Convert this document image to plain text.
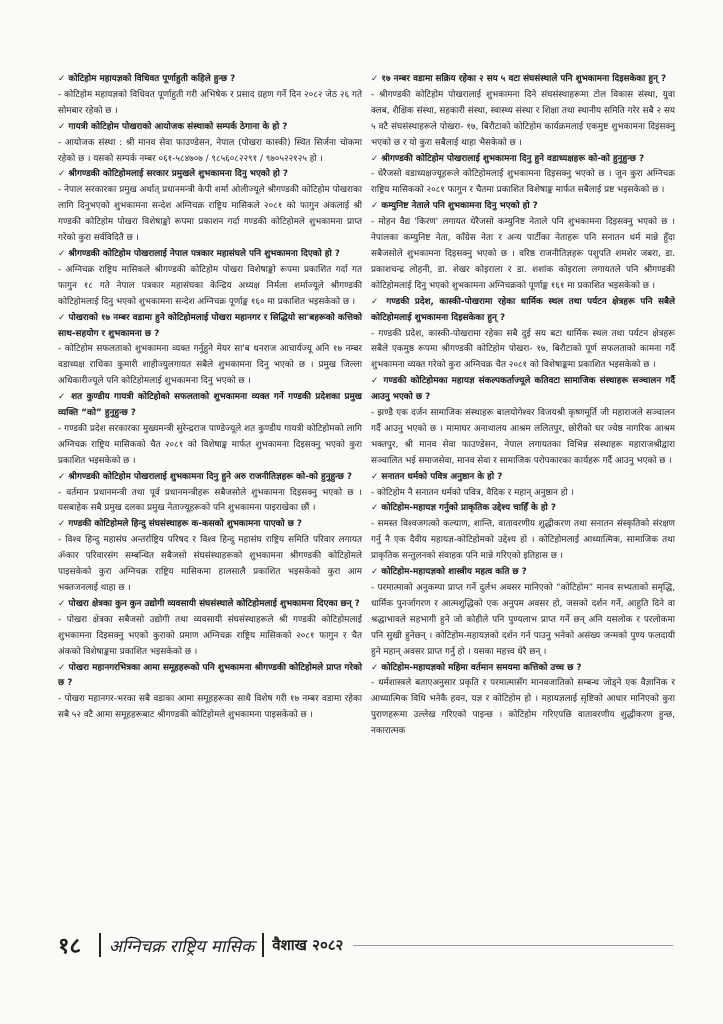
✓ कोटिहोम महायज्ञको विधिवत पूर्णाहुती कहिले हुन्छ ?

- कोटिहोम महायज्ञको विधिवत पूर्णाहुती गरी अभिषेक र प्रसाद ग्रहण गर्ने दिन २०८२ जेठ २६ गते सोमबार रहेको छ ।

✓ गायत्री कोटिहोम पोखराको आयोजक संस्थाको सम्पर्क ठेगाना के हो ?

- आयोजक संस्था : श्री मानव सेवा फाउण्डेसन, नेपाल (पोखरा कास्की) स्थित सिर्जना चोकमा रहेको छ । यसको सम्पर्क नम्बर ०६१-५८४७०७ / ९८५६०८२२९१ / ९७०५२२१२५ हो ।

✓ श्रीगण्डकी कोटिहोमलाई सरकार प्रमुखले शुभकामना दिनु भएको हो ?

- नेपाल सरकारका प्रमुख अर्थात् प्रधानमन्त्री केपी शर्मा ओलीज्यूले श्रीगण्डकी कोटिहोम पोखराका लागि दिनुभएको शुभकामना सन्देश अग्निचक्र राष्ट्रिय मासिकले २०८१ को फागुन अंकलाई श्री गण्डकी कोटिहोम पोखरा विशेषाङ्को रूपमा प्रकाशन गर्दा गण्डकी कोटिहोमले शुभकामना प्राप्त गरेको कुरा सर्वविदितै छ ।

✓ श्रीगण्डकी कोटिहोम पोखरालाई नेपाल पत्रकार महासंघले पनि शुभकामना दिएको हो ?

- अग्निचक्र राष्ट्रिय मासिकले श्रीगण्डकी कोटिहोम पोखरा विशेषाङ्को रूपमा प्रकाशित गर्दा गत फागुन १८ गते नेपाल पत्रकार महासंघका केन्द्रिय अध्यक्ष निर्मला शर्माज्यूले श्रीगण्डकी कोटिहोमलाई दिनु भएको शुभकामना सन्देश अग्निचक्र पूर्णाङ्क १६० मा प्रकाशित भइसकेको छ ।

✓ पोखराको १७ नम्बर वडामा हुने कोटिहोमलाई पोखरा महानगर र सिद्धियो सा'बहरूको कत्तिको साथ-सहयोग र शुभकामना छ ?

- कोटिहोम सफलताको शुभकामना व्यक्त गर्नुहुने मेयर सा'ब धनराज आचार्यज्यू अनि १७ नम्बर वडाध्यक्ष राधिका कुमारी शाहीज्युलगायत सबैले शुभकामना दिनु भएको छ । प्रमुख जिल्ला अधिकारीज्यूले पनि कोटिहोमलाई शुभकामना दिनु भएको छ ।

✓ शत कुण्डीय गायत्री कोटिहोको सफलताको शुभकामना व्यक्त गर्ने गण्डकी प्रदेशका प्रमुख व्यक्ति “को” हुनुहुन्छ ?

- गण्डकी प्रदेश सरकारका मुख्यमन्त्री सुरेन्द्रराज पाण्डेज्यूले शत कुण्डीय गायत्री कोटिहोमको लागि अग्निचक्र राष्ट्रिय मासिकको चैत २०८१ को विशेषाङ्क मार्फत शुभकामना दिइसक्नु भएको कुरा प्रकाशित भइसकेको छ ।

✓ श्रीगण्डकी कोटिहोम पोखरालाई शुभकामना दिनु हुने अरु राजनीतिज्ञहरू को-को हुनुहुन्छ ?

- वर्तमान प्रधानमन्त्री तथा पूर्व प्रधानमन्त्रीहरू सबैजसोले शुभकामना दिइसक्नु भएको छ । यसबाहेक सबै प्रमुख दलका प्रमुख नेताज्यूहरूको पनि शुभकामना पाइराखेका छौं ।

✓ गण्डकी कोटिहोमले हिन्दु संघसंस्थाहरू क-कसको शुभकामना पाएको छ ?

- विश्व हिन्दु महासंघ अन्तर्राष्ट्रिय परिषद र विश्व हिन्दु महासंघ राष्ट्रिय समिति परिवार लगायत ॐकार परिवारसंग सम्बन्धित सबैजसो संघसंस्थाहरूको शुभकामना श्रीगण्डकी कोटिहोमले पाइसकेको कुरा अग्निचक्र राष्ट्रिय मासिकमा हालसालै प्रकाशित भइसकेको कुरा आम भक्तजनलाई थाहा छ ।

✓ पोखरा क्षेत्रका कुन कुन उद्योगी व्यवसायी संघसंस्थाले कोटिहोमलाई शुभकामना दिएका छन् ?

- पोखरा क्षेत्रका सबैजसो उद्योगी तथा व्यवसायी संघसंस्थाहरूले श्री गण्डकी कोटिहोमलाई शुभकामना दिइसक्नु भएको कुराको प्रमाण अग्निचक्र राष्ट्रिय मासिकको २०८१ फागुन र चैत अंकको विशेषाङ्कमा प्रकाशित भइसकेको छ ।

✓ पोखरा महानगरभित्रका आमा समूहहरूको पनि शुभकामना श्रीगण्डकी कोटिहोमले प्राप्त गरेको छ ?

- पोखरा महानगर-भरका सबै वडाका आमा समूहहरूका साथै विशेष गरी १७ नम्बर वडामा रहेका सबै ५२ वटै आमा समूहहरूबाट श्रीगण्डकी कोटिहोमले शुभकामना पाइसकेको छ ।

✓ १७ नम्बर वडामा सक्रिय रहेका २ सय ५ वटा संघसंस्थाले पनि शुभकामना दिइसकेका हुन् ?

- श्रीगण्डकी कोटिहोम पोखरालाई शुभकामना दिने संघसंस्थाहरूमा टोल विकास संस्था, युवा क्लब, शैक्षिक संस्था, सहकारी संस्था, स्वास्थ्य संस्था र शिक्षा तथा स्थानीय समिति गरेर सबै २ सय ५ वटै संघसंस्थाहरूले पोखरा- १७, बिरौटाको कोटिहोम कार्यक्रमलाई एकमुष्ट शुभकामना दिइसक्नु भएको छ र यो कुरा सबैलाई थाहा भैसकेको छ ।

✓ श्रीगण्डकी कोटिहोम पोखरालाई शुभकामना दिनु हुने वडाध्यक्षहरू को-को हुनुहुन्छ ?

- धेरैजसो वडाध्यक्षज्यूहरूले कोटिहोमलाई शुभकामना दिइसक्नु भएको छ । जुन कुरा अग्निचक्र राष्ट्रिय मासिकको २०८१ फागुन र चैतमा प्रकाशित विशेषाङ्क मार्फत सबैलाई प्रष्ट भइसकेको छ ।

✓ कम्युनिष्ट नेताले पनि शुभकामना दिनु भएको हो ?

- मोहन वैद्य 'किरण' लगायत धेरैजसो कम्युनिष्ट नेताले पनि शुभकामना दिइसक्नु भएको छ । नेपालका कम्युनिष्ट नेता, काँग्रेस नेता र अन्य पार्टीका नेताहरू पनि सनातन धर्म मान्ने हुँदा सबैजसोले शुभकामना दिइसक्नु भएको छ । वरिष्ठ राजनीतिज्ञहरू पशुपति शमशेर जबरा, डा. प्रकाशचन्द्र लोहनी, डा. शेखर कोइराला र डा. शशांक कोइराला लगायतले पनि श्रीगण्डकी कोटिहोमलाई दिनु भएको शुभकामना अग्निचक्रको पूर्णाङ्क १६१ मा प्रकाशित भइसकेको छ ।

✓ गण्डकी प्रदेश, कास्की-पोखरामा रहेका धार्मिक स्थल तथा पर्यटन क्षेत्रहरू पनि सबैले कोटिहोमलाई शुभकामना दिइसकेका हुन् ?

- गण्डकी प्रदेश, कास्की-पोखरामा रहेका सबै दुई सय बटा धार्मिक स्थल तथा पर्यटन क्षेत्रहरू सबैले एकमुष्ठ रूपमा श्रीगण्डकी कोटिहोम पोखरा- १७, बिरौटाको पूर्ण सफलताको कामना गर्दै शुभकामना व्यक्त गरेको कुरा अग्निचक्र चैत २०८१ को विशेषाङ्कमा प्रकाशित भइसकेको छ ।

✓ गण्डकी कोटिहोमका महायज्ञ संकल्पकर्ताज्यूले कतिवटा सामाजिक संस्थाहरू सञ्चालन गर्दै आउनु भएको छ ?

- झण्डै एक दर्जन सामाजिक संस्थाहरू बालयोगेश्वर विजयश्री कृष्णमूर्ति जी महाराजले सञ्चालन गर्दै आउनु भएको छ । मामाघर अनाथालय आश्रम ललितपुर, छोरीको घर ज्येष्ठ नागरिक आश्रम भक्तपुर, श्री मानव सेवा फाउण्डेसन, नेपाल लगायतका विभिन्न संस्थाहरू महाराजश्रीद्वारा सञ्चालित भई समाजसेवा, मानव सेवा र सामाजिक परोपकारका कार्यहरू गर्दै आउनु भएको छ ।

✓ सनातन धर्मको पवित्र अनुष्ठान के हो ?

- कोटिहोम नै सनातन धर्मको पवित्र, वैदिक र महान् अनुष्ठान हो ।

✓ कोटिहोम-महायज्ञ गर्नुको प्राकृतिक उद्देश्य चाहिँ के हो ?

- समस्त विश्वजगत्को कल्याण, शान्ति, वातावरणीय शुद्धीकरण तथा सनातन संस्कृतिको संरक्षण गर्नु नै एक दैवीय महायज्ञ-कोटिहोमको उद्देश्य हो । कोटिहोमलाई आध्यात्मिक, सामाजिक तथा प्राकृतिक सन्तुलनको संवाहक पनि मान्ने गरिएको इतिहास छ ।

✓ कोटिहोम-महायज्ञको शास्त्रीय महत्व कति छ ?

- परमात्माको अनुकम्पा प्राप्त गर्ने दुर्लभ अवसर मानिएको “कोटिहोम” मानव सभ्यताको समृद्धि, धार्मिक पुनर्जागरण र आत्मशुद्धिको एक अनुपम अवसर हो, जसको दर्शन गर्ने, आहुति दिने वा श्रद्धाभावले सहभागी हुने जो कोहीले पनि पुण्यलाभ प्राप्त गर्ने छन् अनि यसलोक र परलोकमा पनि सुखी हुनेछन् । कोटिहोम-महायज्ञको दर्शन गर्न पाउनु भनेको असंख्य जन्मको पुण्य फलदायी हुने महान् अवसर प्राप्त गर्नु हो । यसका महत्त्व धेरै छन् ।

✓ कोटिहोम-महायज्ञको महिमा वर्तमान समयमा कत्तिको उच्च छ ?

- धर्मशास्त्रले बताएअनुसार प्रकृति र परमात्मासँग मानवजातिको सम्बन्ध जोड्ने एक वैज्ञानिक र आध्यात्मिक विधि भनेकै हवन, यज्ञ र कोटिहोम हो । महायज्ञलाई सृष्टिको आधार मानिएको कुरा पुराणहरूमा उल्लेख गरिएको पाइन्छ । कोटिहोम गरिएपछि वातावरणीय शुद्धीकरण हुन्छ, नकारात्मक

१८ अग्निचक्र राष्ट्रिय मासिक वैशाख २०८२
